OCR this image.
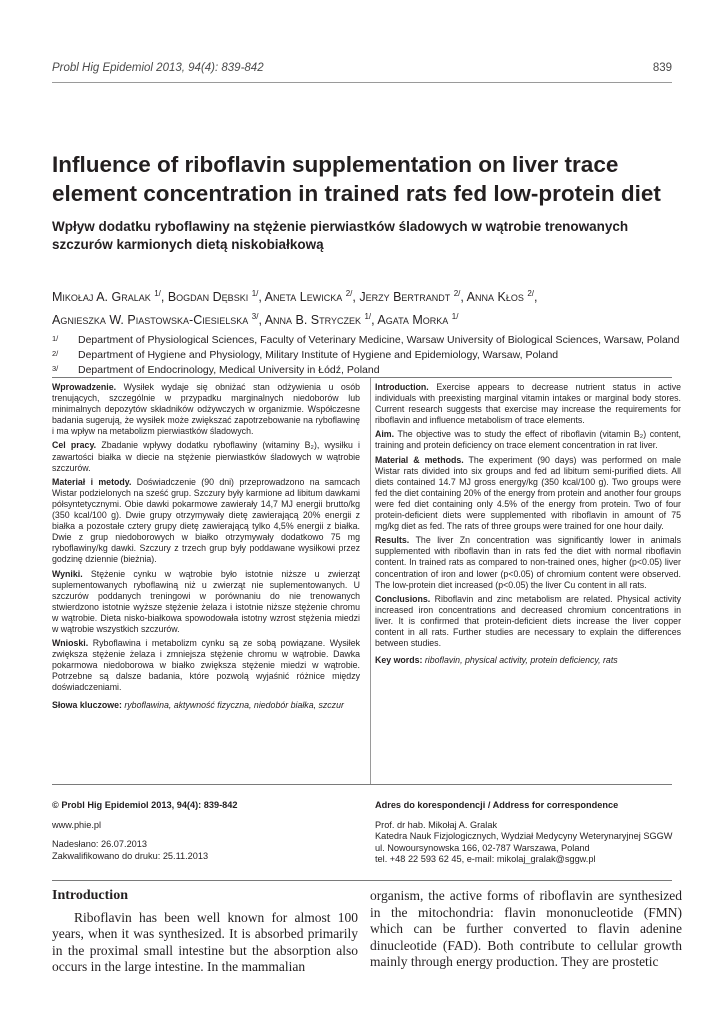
Probl Hig Epidemiol 2013, 94(4): 839-842	839
Influence of riboflavin supplementation on liver trace element concentration in trained rats fed low-protein diet
Wpływ dodatku ryboflawiny na stężenie pierwiastków śladowych w wątrobie trenowanych szczurów karmionych dietą niskobiałkową
Mikołaj A. Gralak $^{1/}$, Bogdan Dębski $^{1/}$, Aneta Lewicka $^{2/}$, Jerzy Bertrandt $^{2/}$, Anna Kłos $^{2/}$,
Agnieszka W. Piastowska-Ciesielska $^{3/}$, Anna B. Stryczek $^{1/}$, Agata Morka $^{1/}$
1/ Department of Physiological Sciences, Faculty of Veterinary Medicine, Warsaw University of Biological Sciences, Warsaw, Poland
2/ Department of Hygiene and Physiology, Military Institute of Hygiene and Epidemiology, Warsaw, Poland
3/ Department of Endocrinology, Medical University in Łódź, Poland

Wprowadzenie. Wysiłek wydaje się obniżać stan odżywienia u osób trenujących, szczególnie w przypadku marginalnych niedoborów lub minimalnych depozytów składników odżywczych w organizmie. Współczesne badania sugerują, że wysiłek może zwiększać zapotrzebowanie na ryboflawinę i ma wpływ na metabolizm pierwiastków śladowych.

Cel pracy. Zbadanie wpływy dodatku ryboflawiny (witaminy B₂), wysiłku i zawartości białka w diecie na stężenie pierwiastków śladowych w wątrobie szczurów.

Materiał i metody. Doświadczenie (90 dni) przeprowadzono na samcach Wistar podzielonych na sześć grup. Szczury były karmione ad libitum dawkami półsyntetycznymi. Obie dawki pokarmowe zawierały 14,7 MJ energii brutto/kg (350 kcal/100 g). Dwie grupy otrzymywały dietę zawierającą 20% energii z białka a pozostałe cztery grupy dietę zawierającą tylko 4,5% energii z białka. Dwie z grup niedoborowych w białko otrzymywały dodatkowo 75 mg ryboflawiny/kg dawki. Szczury z trzech grup były poddawane wysiłkowi przez godzinę dziennie (bieżnia).

Wyniki. Stężenie cynku w wątrobie było istotnie niższe u zwierząt suplementowanych ryboflawiną niż u zwierząt nie suplementowanych. U szczurów poddanych treningowi w porównaniu do nie trenowanych stwierdzono istotnie wyższe stężenie żelaza i istotnie niższe stężenie chromu w wątrobie. Dieta nisko-białkowa spowodowała istotny wzrost stężenia miedzi w wątrobie wszystkich szczurów.

Wnioski. Ryboflawina i metabolizm cynku są ze sobą powiązane. Wysiłek zwiększa stężenie żelaza i zmniejsza stężenie chromu w wątrobie. Dawka pokarmowa niedoborowa w białko zwiększa stężenie miedzi w wątrobie. Potrzebne są dalsze badania, które pozwolą wyjaśnić różnice między doświadczeniami.

Słowa kluczowe: ryboflawina, aktywność fizyczna, niedobór białka, szczur

Introduction. Exercise appears to decrease nutrient status in active individuals with preexisting marginal vitamin intakes or marginal body stores. Current research suggests that exercise may increase the requirements for riboflavin and influence metabolism of trace elements.

Aim. The objective was to study the effect of riboflavin (vitamin B₂) content, training and protein deficiency on trace element concentration in rat liver.

Material & methods. The experiment (90 days) was performed on male Wistar rats divided into six groups and fed ad libitum semi-purified diets. All diets contained 14.7 MJ gross energy/kg (350 kcal/100 g). Two groups were fed the diet containing 20% of the energy from protein and another four groups were fed diet containing only 4.5% of the energy from protein. Two of four protein-deficient diets were supplemented with riboflavin in amount of 75 mg/kg diet as fed. The rats of three groups were trained for one hour daily.

Results. The liver Zn concentration was significantly lower in animals supplemented with riboflavin than in rats fed the diet with normal riboflavin content. In trained rats as compared to non-trained ones, higher (p<0.05) liver concentration of iron and lower (p<0.05) of chromium content were observed. The low-protein diet increased (p<0.05) the liver Cu content in all rats.

Conclusions. Riboflavin and zinc metabolism are related. Physical activity increased iron concentrations and decreased chromium concentrations in liver. It is confirmed that protein-deficient diets increase the liver copper content in all rats. Further studies are necessary to explain the differences between studies.

Key words: riboflavin, physical activity, protein deficiency, rats

© Probl Hig Epidemiol 2013, 94(4): 839-842

www.phie.pl

Nadesłano: 26.07.2013
Zakwalifikowano do druku: 25.11.2013

Adres do korespondencji / Address for correspondence

Prof. dr hab. Mikołaj A. Gralak
Katedra Nauk Fizjologicznych, Wydział Medycyny Weterynaryjnej SGGW
ul. Nowoursynowska 166, 02-787 Warszawa, Poland
tel. +48 22 593 62 45, e-mail: mikolaj_gralak@sggw.pl
Introduction

Riboflavin has been well known for almost 100 years, when it was synthesized. It is absorbed primarily in the proximal small intestine but the absorption also occurs in the large intestine. In the mammalian

organism, the active forms of riboflavin are synthesized in the mitochondria: flavin mononucleotide (FMN) which can be further converted to flavin adenine dinucleotide (FAD). Both contribute to cellular growth mainly through energy production. They are prostetic
